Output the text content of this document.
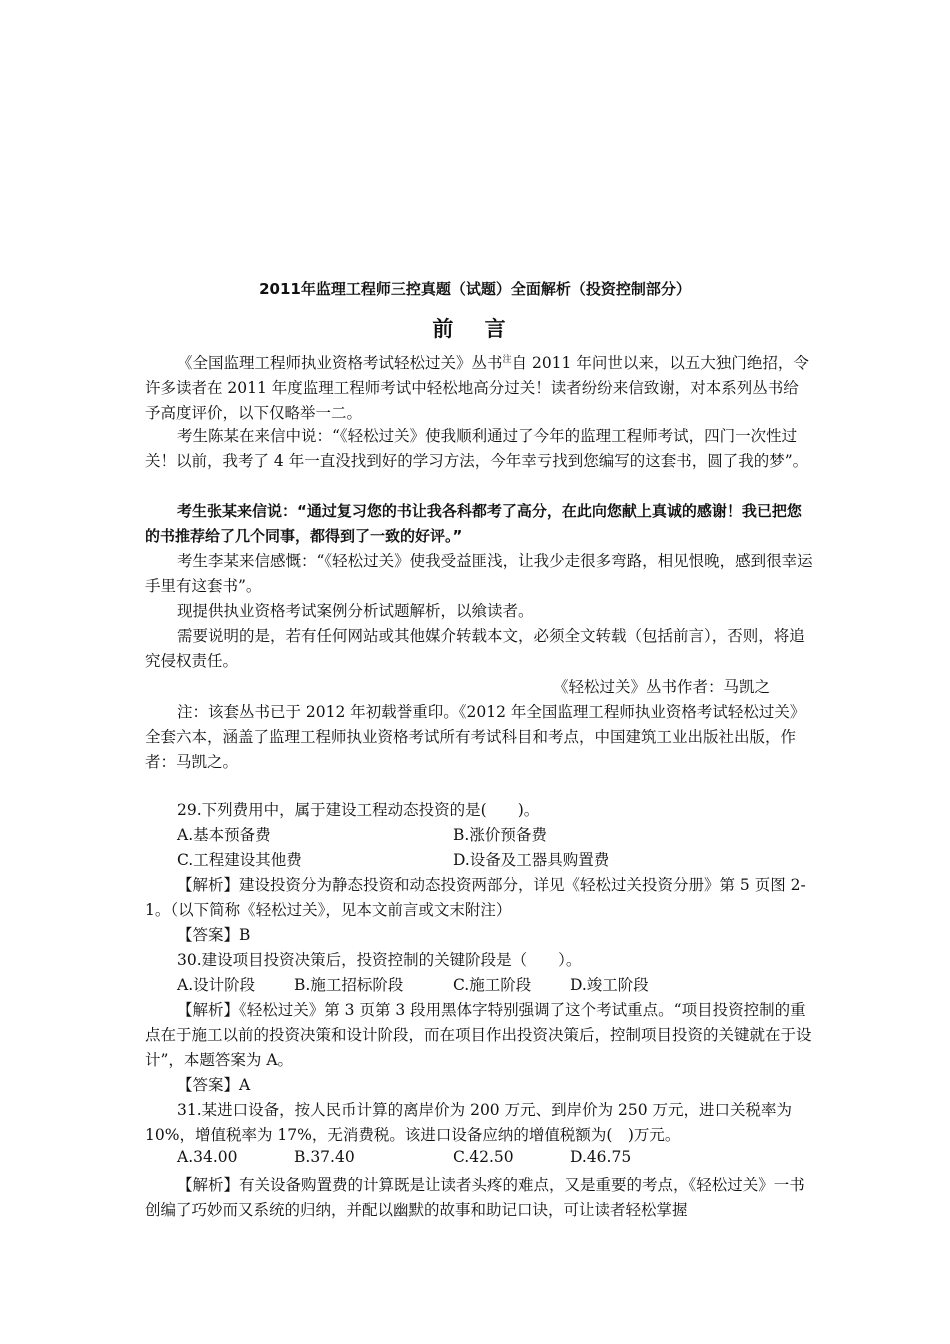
2011年监理工程师三控真题（试题）全面解析（投资控制部分）
前 言

《全国监理工程师执业资格考试轻松过关》丛书$^注$自 2011 年问世以来，以五大独门绝招，令许多读者在 2011 年度监理工程师考试中轻松地高分过关！读者纷纷来信致谢，对本系列丛书给予高度评价，以下仅略举一二。

考生陈某在来信中说：“《轻松过关》使我顺利通过了今年的监理工程师考试，四门一次性过关！以前，我考了 4 年一直没找到好的学习方法，今年幸亏找到您编写的这套书，圆了我的梦”。

考生张某来信说：“通过复习您的书让我各科都考了高分，在此向您献上真诚的感谢！我已把您的书推荐给了几个同事，都得到了一致的好评。”

考生李某来信感慨：“《轻松过关》使我受益匪浅，让我少走很多弯路，相见恨晚，感到很幸运手里有这套书”。

现提供执业资格考试案例分析试题解析，以飨读者。

需要说明的是，若有任何网站或其他媒介转载本文，必须全文转载（包括前言），否则，将追究侵权责任。

《轻松过关》丛书作者：马凯之

注：该套丛书已于 2012 年初载誉重印。《2012 年全国监理工程师执业资格考试轻松过关》全套六本，涵盖了监理工程师执业资格考试所有考试科目和考点，中国建筑工业出版社出版，作者：马凯之。

29.下列费用中，属于建设工程动态投资的是(　　)。
A.基本预备费	B.涨价预备费
C.工程建设其他费	D.设备及工器具购置费

【解析】建设投资分为静态投资和动态投资两部分，详见《轻松过关投资分册》第 5 页图 2-1。（以下简称《轻松过关》，见本文前言或文末附注）

【答案】B
30.建设项目投资决策后，投资控制的关键阶段是（　　）。
A.设计阶段	B.施工招标阶段	C.施工阶段	D.竣工阶段

【解析】《轻松过关》第 3 页第 3 段用黑体字特别强调了这个考试重点。“项目投资控制的重点在于施工以前的投资决策和设计阶段，而在项目作出投资决策后，控制项目投资的关键就在于设计”，本题答案为 A。

【答案】A

31.某进口设备，按人民币计算的离岸价为 200 万元、到岸价为 250 万元，进口关税率为 10%，增值税率为 17%，无消费税。该进口设备应纳的增值税额为(　)万元。

A.34.00	B.37.40	C.42.50	D.46.75

【解析】有关设备购置费的计算既是让读者头疼的难点，又是重要的考点，《轻松过关》一书创编了巧妙而又系统的归纳，并配以幽默的故事和助记口诀，可让读者轻松掌握
